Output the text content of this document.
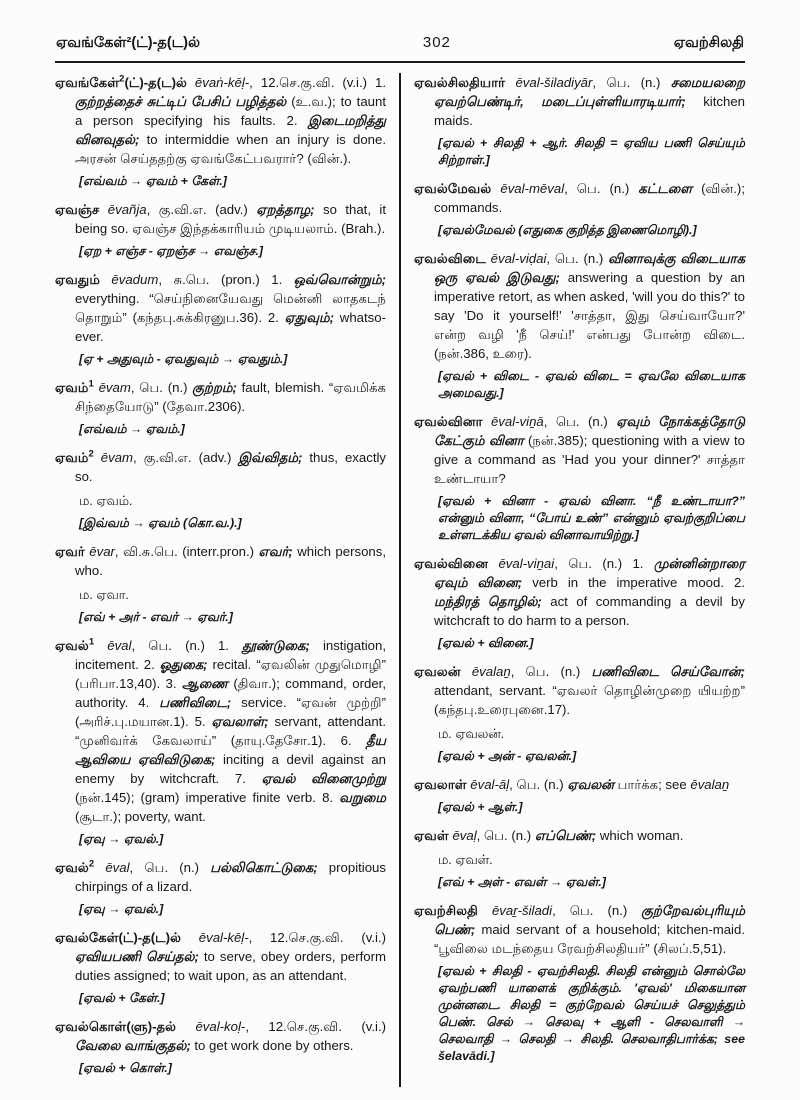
ஏவங்கேள்²(ட்)-த(ட)ல்	302	ஏவற்சிலதி

ஏவங்கேள்$^2$(ட்)-த(ட)ல் ēvaṅ-kēḷ-, 12.செ.கு.வி. (v.i.) 1. குற்றத்தைச் சுட்டிப் பேசிப் பழித்தல் (உ.வ.); to taunt a person specifying his faults. 2. இடைமறித்து வினவுதல்; to intermiddie when an injury is done. அரசன் செய்ததற்கு ஏவங்கேட்பவரார்? (வின்.).

[எவ்வம் → ஏவம் + கேள்.]

ஏவஞ்ச ēvañja, கு.வி.எ. (adv.) ஏறத்தாழ; so that, it being so. ஏவஞ்ச இந்தக்காரியம் முடியலாம். (Brah.).

[ஏற + எஞ்ச - ஏறஞ்ச → எவஞ்ச.]

ஏவதும் ēvadum, சு.பெ. (pron.) 1. ஒவ்வொன்றும்; everything. “செய்நினையேவது மென்னி லாதகடந் தொறும்” (கந்தபு.சுக்கிரனுப.36). 2. ஏதுவும்; whatsoever.

[ஏ + அதுவும் - ஏவதுவும் → ஏவதும்.]

ஏவம்$^1$ ēvam, பெ. (n.) குற்றம்; fault, blemish. “ஏவமிக்க சிந்தையோடு” (தேவா.2306).

[எவ்வம் → ஏவம்.]

ஏவம்$^2$ ēvam, கு.வி.எ. (adv.) இவ்விதம்; thus, exactly so.

ம. ஏவம்.

[இவ்வம் → ஏவம் (கொ.வ.).]

ஏவர் ēvar, வி.சு.பெ. (interr.pron.) எவர்; which persons, who.

ம. ஏவா.

[எவ் + அர் - எவர் → ஏவர்.]

ஏவல்$^1$ ēval, பெ. (n.) 1. தூண்டுகை; instigation, incitement. 2. ஓதுகை; recital. “ஏவலின் முதுமொழி” (பரிபா.13,40). 3. ஆணை (திவா.); command, order, authority. 4. பணிவிடை; service. “ஏவன் முற்றி” (அரிச்.பு.மயான.1). 5. ஏவலாள்; servant, attendant. “முனிவர்க் கேவலாய்” (தாயு.தேசோ.1). 6. தீய ஆவியை ஏவிவிடுகை; inciting a devil against an enemy by witchcraft. 7. ஏவல் வினைமுற்று (நன்.145); (gram) imperative finite verb. 8. வறுமை (சூடா.); poverty, want.

[ஏவு → ஏவல்.]

ஏவல்$^2$ ēval, பெ. (n.) பல்லிகொட்டுகை; propitious chirpings of a lizard.

[ஏவு → ஏவல்.]

ஏவல்கேள்(ட்)-த(ட)ல் ēval-kēḷ-, 12.செ.கு.வி. (v.i.) ஏவியபணி செய்தல்; to serve, obey orders, perform duties assigned; to wait upon, as an attendant.

[ஏவல் + கேள்.]

ஏவல்கொள்(ளு)-தல் ēval-koḷ-, 12.செ.கு.வி. (v.i.) வேலை வாங்குதல்; to get work done by others.

[ஏவல் + கொள்.]

ஏவல்சிலதியார் ēval-šiladiyār, பெ. (n.) சமையலறை ஏவற்பெண்டிர், மடைப்புள்ளியாரடியார்; kitchen maids.

[ஏவல் + சிலதி + ஆர். சிலதி = ஏவிய பணி செய்யும் சிற்றாள்.]

ஏவல்மேவல் ēval-mēval, பெ. (n.) கட்டளை (வின்.); commands.

[ஏவல்மேவல் (எதுகை குறித்த இணைமொழி).]

ஏவல்விடை ēval-viḍai, பெ. (n.) வினாவுக்கு விடையாக ஒரு ஏவல் இடுவது; answering a question by an imperative retort, as when asked, 'will you do this?' to say 'Do it yourself!' 'சாத்தா, இது செய்வாயோ?' என்ற வழி 'நீ செய்!' என்பது போன்ற விடை. (நன்.386, உரை).

[ஏவல் + விடை - ஏவல் விடை = ஏவலே விடையாக அமைவது.]

ஏவல்வினா ēval-viṉā, பெ. (n.) ஏவும் நோக்கத்தோடு கேட்கும் வினா (நன்.385); questioning with a view to give a command as 'Had you your dinner?' சாத்தா உண்டாயா?

[ஏவல் + வினா - ஏவல் வினா. “நீ உண்டாயா?” என்னும் வினா, “போய் உண்” என்னும் ஏவற்குறிப்பை உள்ளடக்கிய ஏவல் வினாவாயிற்று.]

ஏவல்வினை ēval-viṉai, பெ. (n.) 1. முன்னின்றாரை ஏவும் வினை; verb in the imperative mood. 2. மந்திரத் தொழில்; act of commanding a devil by witchcraft to do harm to a person.

[ஏவல் + வினை.]

ஏவலன் ēvalaṉ, பெ. (n.) பணிவிடை செய்வோன்; attendant, servant. “ஏவலர் தொழின்முறை யியற்ற” (கந்தபு.உரைபுனை.17).

ம. ஏவலன்.

[ஏவல் + அன் - ஏவலன்.]

ஏவலாள் ēval-āḷ, பெ. (n.) ஏவலன் பார்க்க; see ēvalaṉ

[ஏவல் + ஆள்.]

ஏவள் ēvaḷ, பெ. (n.) எப்பெண்; which woman.

ம. ஏவள்.

[எவ் + அள் - எவள் → ஏவள்.]

ஏவற்சிலதி ēvaṟ-šiladi, பெ. (n.) குற்றேவல்புரியும் பெண்; maid servant of a household; kitchen-maid. “பூவிலை மடந்தைய ரேவற்சிலதியர்” (சிலப்.5,51).

[ஏவல் + சிலதி - ஏவற்சிலதி. சிலதி என்னும் சொல்லே ஏவற்பணி யாளைக் குறிக்கும். 'ஏவல்' மிகையான முன்னடை. சிலதி = குற்றேவல் செய்யச் செலுத்தும் பெண். செல் → செலவு + ஆளி - செலவாளி → செலவாதி → செலதி → சிலதி. செலவாதிபார்க்க; see šelavādi.]
